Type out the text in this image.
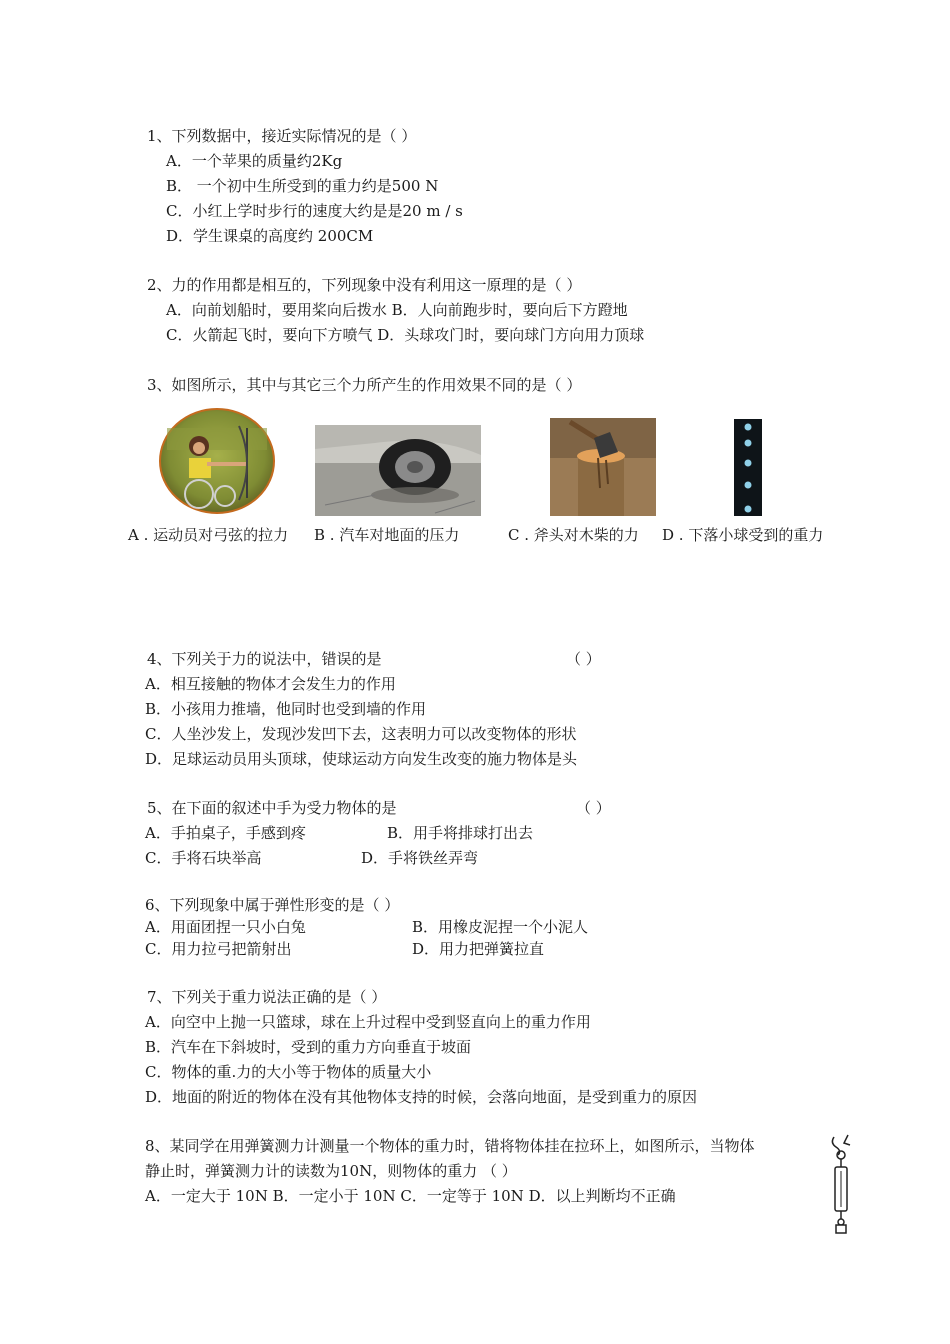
1、下列数据中，接近实际情况的是（ ）
A．一个苹果的质量约2Kg
B． 一个初中生所受到的重力约是500 N
C．小红上学时步行的速度大约是是20 m / s
D．学生课桌的高度约 200CM
2、力的作用都是相互的，下列现象中没有利用这一原理的是（ ）
A．向前划船时，要用桨向后拨水 B．人向前跑步时，要向后下方蹬地
C．火箭起飞时，要向下方喷气 D．头球攻门时，要向球门方向用力顶球
3、如图所示，其中与其它三个力所产生的作用效果不同的是（ ）
A . 运动员对弓弦的拉力 B . 汽车对地面的压力	C . 斧头对木柴的力 D . 下落小球受到的重力
4、下列关于力的说法中，错误的是	（ ）
A．相互接触的物体才会发生力的作用
B．小孩用力推墙，他同时也受到墙的作用
C．人坐沙发上，发现沙发凹下去，这表明力可以改变物体的形状
D．足球运动员用头顶球，使球运动方向发生改变的施力物体是头
5、在下面的叙述中手为受力物体的是	（ ）
A．手拍桌子，手感到疼	B．用手将排球打出去
C．手将石块举高	D．手将铁丝弄弯
6、下列现象中属于弹性形变的是（ ）
A．用面团捏一只小白兔	B．用橡皮泥捏一个小泥人
C．用力拉弓把箭射出	D．用力把弹簧拉直
7、下列关于重力说法正确的是（ ）
A．向空中上抛一只篮球，球在上升过程中受到竖直向上的重力作用
B．汽车在下斜坡时，受到的重力方向垂直于坡面
C．物体的重.力的大小等于物体的质量大小
D．地面的附近的物体在没有其他物体支持的时候，会落向地面，是受到重力的原因
8、某同学在用弹簧测力计测量一个物体的重力时，错将物体挂在拉环上，如图所示，当物体
静止时，弹簧测力计的读数为10N，则物体的重力 （ ）
A．一定大于 10N B．一定小于 10N C．一定等于 10N D．以上判断均不正确
